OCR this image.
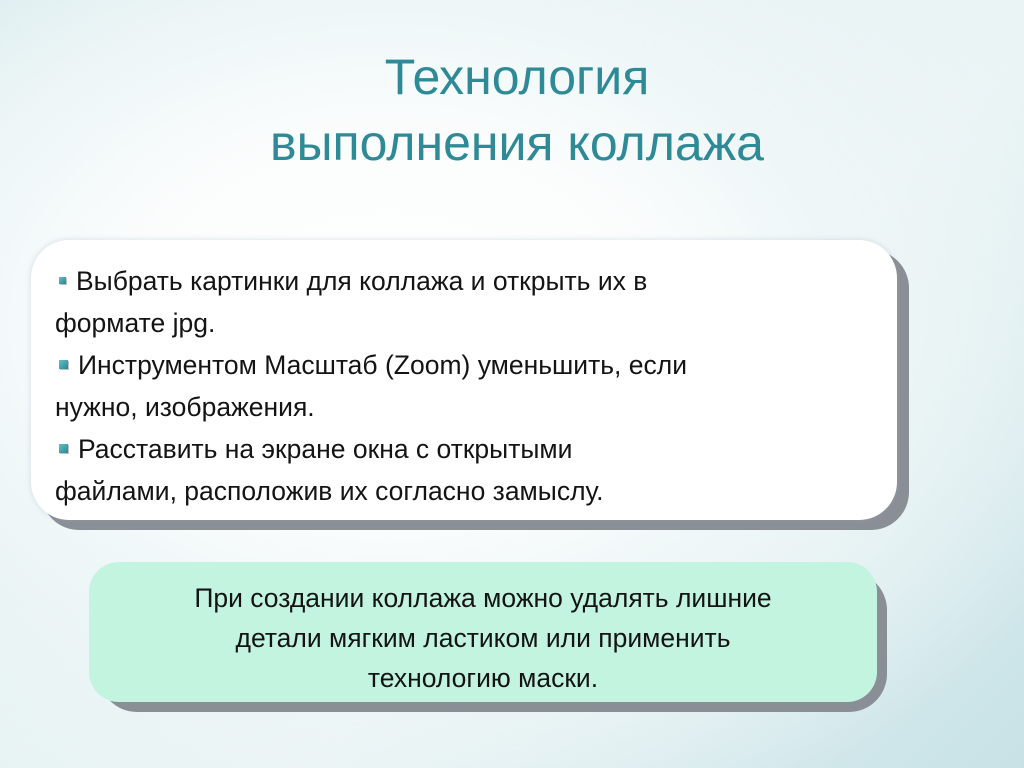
Технология
выполнения коллажа

Выбрать картинки для коллажа и открыть их в
формате jpg.

Инструментом Масштаб (Zoom) уменьшить, если
нужно, изображения.

Расставить на экране окна с открытыми
файлами, расположив их согласно замыслу.

При создании коллажа можно удалять лишние
детали мягким ластиком или применить
технологию маски.
